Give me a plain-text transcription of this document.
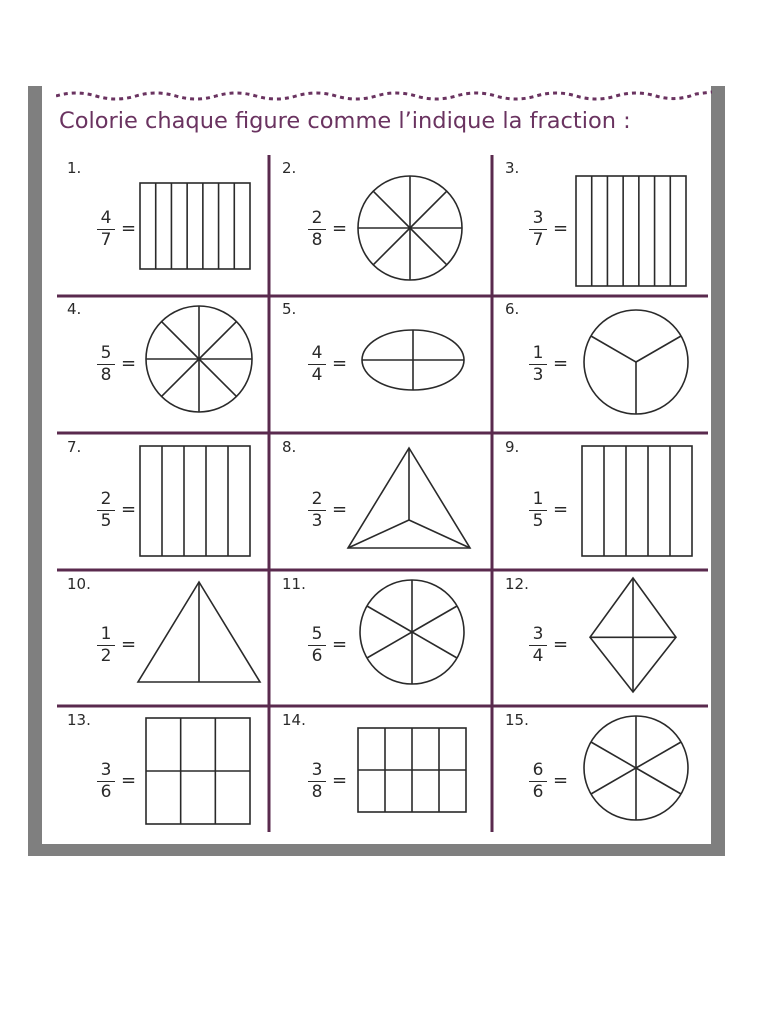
Colorie chaque figure comme l’indique la fraction :
1.
4
7
=
2.
2
8
=
3.
3
7
=
4.
5
8
=
5.
4
4
=
6.
1
3
=
7.
2
5
=
8.
2
3
=
9.
1
5
=
10.
1
2
=
11.
5
6
=
12.
3
4
=
13.
3
6
=
14.
3
8
=
15.
6
6
=
